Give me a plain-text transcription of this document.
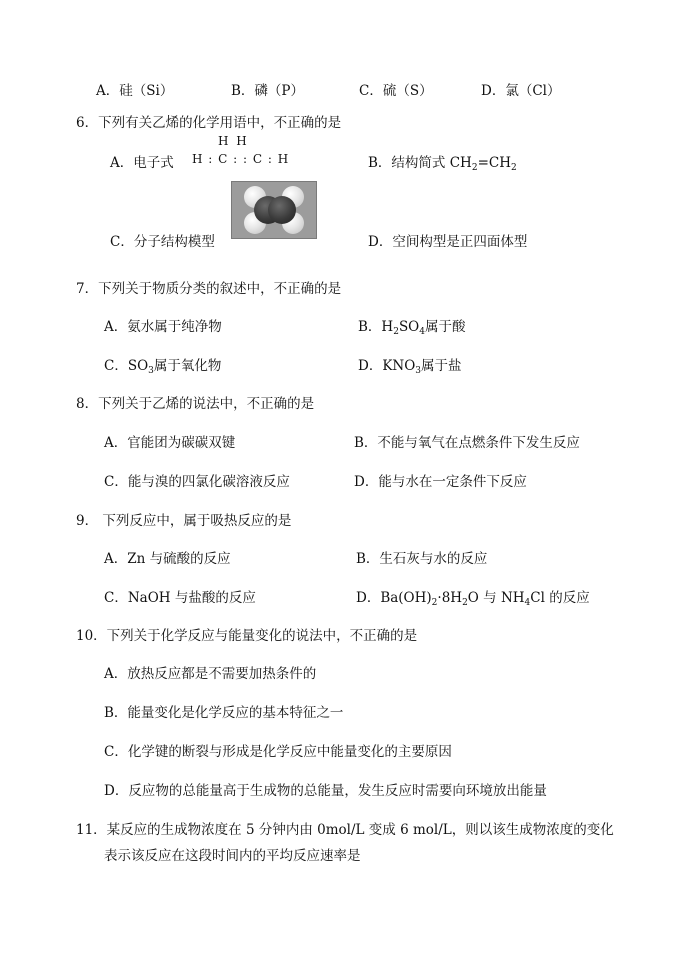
A．硅（Si）	B．磷（P）	C．硫（S）	D．氯（Cl）
6．下列有关乙烯的化学用语中，不正确的是
H H
H : C : : C : H
A．电子式	B．结构简式 $CH_2=CH_2$
C．分子结构模型	D．空间构型是正四面体型
7．下列关于物质分类的叙述中，不正确的是
A．氨水属于纯净物	B．$H_2SO_4$属于酸
C．$SO_3$属于氧化物	D．$KNO_3$属于盐
8．下列关于乙烯的说法中，不正确的是
A．官能团为碳碳双键	B．不能与氧气在点燃条件下发生反应
C．能与溴的四氯化碳溶液反应	D．能与水在一定条件下反应
9． 下列反应中，属于吸热反应的是
A．Zn 与硫酸的反应	B．生石灰与水的反应
C．NaOH 与盐酸的反应	D．$Ba(OH)_2\cdot 8H_2O$ 与 $NH_4Cl$ 的反应
10．下列关于化学反应与能量变化的说法中，不正确的是
A．放热反应都是不需要加热条件的
B．能量变化是化学反应的基本特征之一
C．化学键的断裂与形成是化学反应中能量变化的主要原因
D．反应物的总能量高于生成物的总能量，发生反应时需要向环境放出能量
11．某反应的生成物浓度在 5 分钟内由 0mol/L 变成 6 mol/L，则以该生成物浓度的变化
表示该反应在这段时间内的平均反应速率是
